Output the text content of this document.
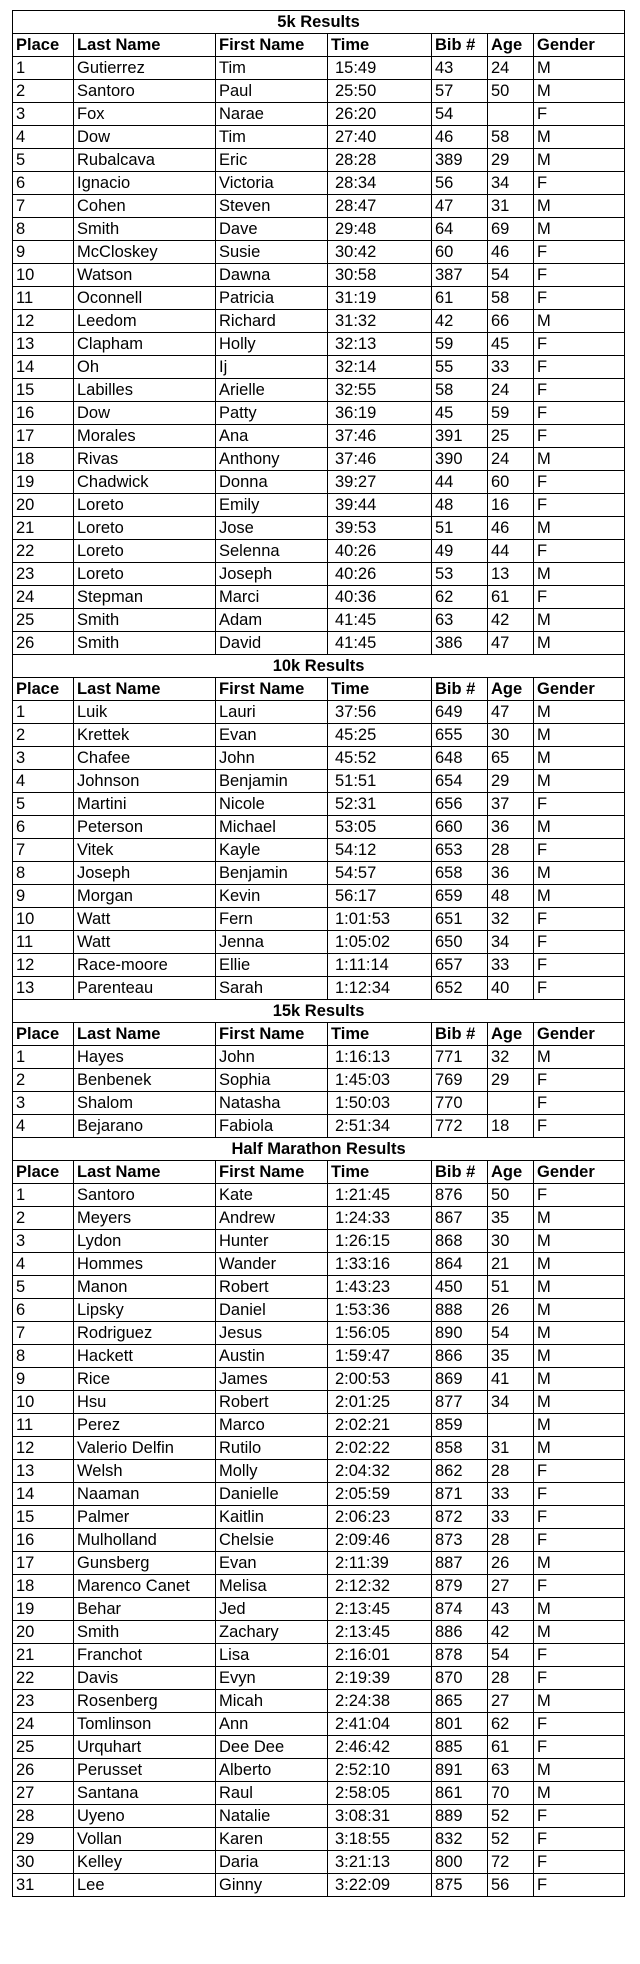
5k Results						
Place	Last Name	First Name	Time	Bib #	Age	Gender
1	Gutierrez	Tim	15:49	43	24	M
2	Santoro	Paul	25:50	57	50	M
3	Fox	Narae	26:20	54		F
4	Dow	Tim	27:40	46	58	M
5	Rubalcava	Eric	28:28	389	29	M
6	Ignacio	Victoria	28:34	56	34	F
7	Cohen	Steven	28:47	47	31	M
8	Smith	Dave	29:48	64	69	M
9	McCloskey	Susie	30:42	60	46	F
10	Watson	Dawna	30:58	387	54	F
11	Oconnell	Patricia	31:19	61	58	F
12	Leedom	Richard	31:32	42	66	M
13	Clapham	Holly	32:13	59	45	F
14	Oh	Ij	32:14	55	33	F
15	Labilles	Arielle	32:55	58	24	F
16	Dow	Patty	36:19	45	59	F
17	Morales	Ana	37:46	391	25	F
18	Rivas	Anthony	37:46	390	24	M
19	Chadwick	Donna	39:27	44	60	F
20	Loreto	Emily	39:44	48	16	F
21	Loreto	Jose	39:53	51	46	M
22	Loreto	Selenna	40:26	49	44	F
23	Loreto	Joseph	40:26	53	13	M
24	Stepman	Marci	40:36	62	61	F
25	Smith	Adam	41:45	63	42	M
26	Smith	David	41:45	386	47	M
10k Results						
Place	Last Name	First Name	Time	Bib #	Age	Gender
1	Luik	Lauri	37:56	649	47	M
2	Krettek	Evan	45:25	655	30	M
3	Chafee	John	45:52	648	65	M
4	Johnson	Benjamin	51:51	654	29	M
5	Martini	Nicole	52:31	656	37	F
6	Peterson	Michael	53:05	660	36	M
7	Vitek	Kayle	54:12	653	28	F
8	Joseph	Benjamin	54:57	658	36	M
9	Morgan	Kevin	56:17	659	48	M
10	Watt	Fern	1:01:53	651	32	F
11	Watt	Jenna	1:05:02	650	34	F
12	Race-moore	Ellie	1:11:14	657	33	F
13	Parenteau	Sarah	1:12:34	652	40	F
15k Results						
Place	Last Name	First Name	Time	Bib #	Age	Gender
1	Hayes	John	1:16:13	771	32	M
2	Benbenek	Sophia	1:45:03	769	29	F
3	Shalom	Natasha	1:50:03	770		F
4	Bejarano	Fabiola	2:51:34	772	18	F
Half Marathon Results						
Place	Last Name	First Name	Time	Bib #	Age	Gender
1	Santoro	Kate	1:21:45	876	50	F
2	Meyers	Andrew	1:24:33	867	35	M
3	Lydon	Hunter	1:26:15	868	30	M
4	Hommes	Wander	1:33:16	864	21	M
5	Manon	Robert	1:43:23	450	51	M
6	Lipsky	Daniel	1:53:36	888	26	M
7	Rodriguez	Jesus	1:56:05	890	54	M
8	Hackett	Austin	1:59:47	866	35	M
9	Rice	James	2:00:53	869	41	M
10	Hsu	Robert	2:01:25	877	34	M
11	Perez	Marco	2:02:21	859		M
12	Valerio Delfin	Rutilo	2:02:22	858	31	M
13	Welsh	Molly	2:04:32	862	28	F
14	Naaman	Danielle	2:05:59	871	33	F
15	Palmer	Kaitlin	2:06:23	872	33	F
16	Mulholland	Chelsie	2:09:46	873	28	F
17	Gunsberg	Evan	2:11:39	887	26	M
18	Marenco Canet	Melisa	2:12:32	879	27	F
19	Behar	Jed	2:13:45	874	43	M
20	Smith	Zachary	2:13:45	886	42	M
21	Franchot	Lisa	2:16:01	878	54	F
22	Davis	Evyn	2:19:39	870	28	F
23	Rosenberg	Micah	2:24:38	865	27	M
24	Tomlinson	Ann	2:41:04	801	62	F
25	Urquhart	Dee Dee	2:46:42	885	61	F
26	Perusset	Alberto	2:52:10	891	63	M
27	Santana	Raul	2:58:05	861	70	M
28	Uyeno	Natalie	3:08:31	889	52	F
29	Vollan	Karen	3:18:55	832	52	F
30	Kelley	Daria	3:21:13	800	72	F
31	Lee	Ginny	3:22:09	875	56	F
